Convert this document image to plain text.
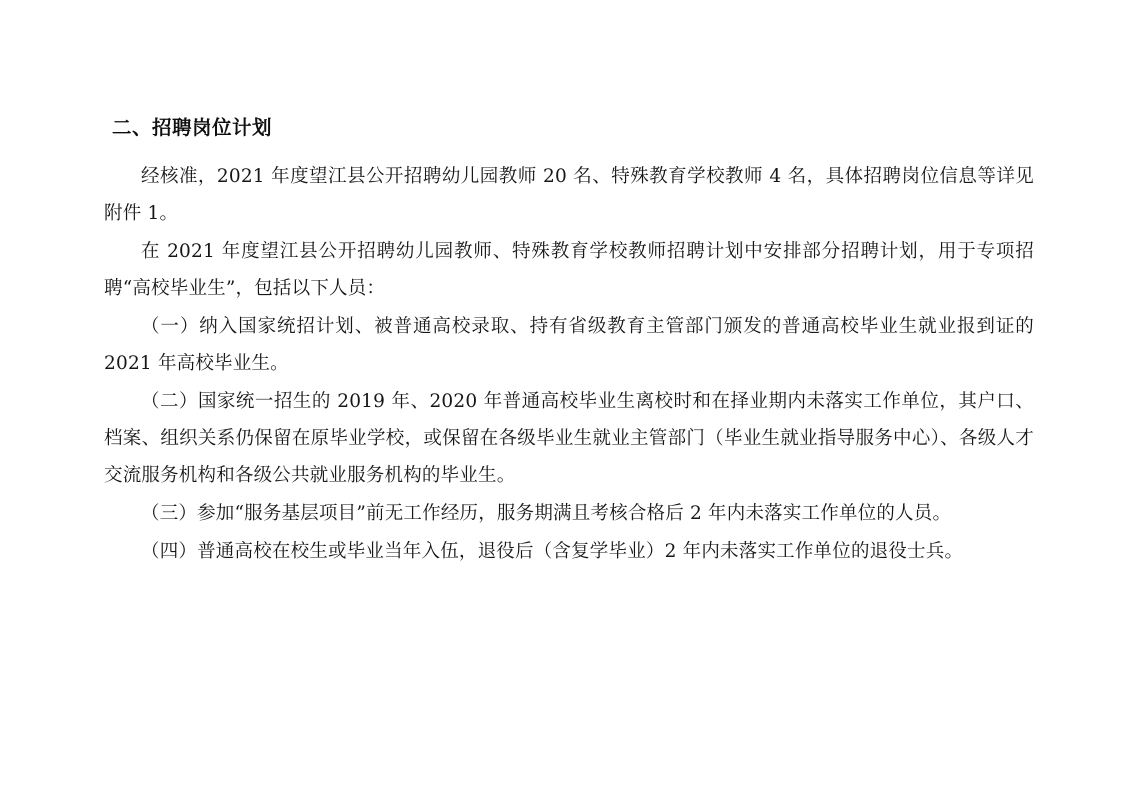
二、招聘岗位计划

经核准，2021 年度望江县公开招聘幼儿园教师 20 名、特殊教育学校教师 4 名，具体招聘岗位信息等详见附件 1。

在 2021 年度望江县公开招聘幼儿园教师、特殊教育学校教师招聘计划中安排部分招聘计划，用于专项招聘“高校毕业生”，包括以下人员：

（一）纳入国家统招计划、被普通高校录取、持有省级教育主管部门颁发的普通高校毕业生就业报到证的 2021 年高校毕业生。

（二）国家统一招生的 2019 年、2020 年普通高校毕业生离校时和在择业期内未落实工作单位，其户口、档案、组织关系仍保留在原毕业学校，或保留在各级毕业生就业主管部门（毕业生就业指导服务中心）、各级人才交流服务机构和各级公共就业服务机构的毕业生。

（三）参加“服务基层项目”前无工作经历，服务期满且考核合格后 2 年内未落实工作单位的人员。

（四）普通高校在校生或毕业当年入伍，退役后（含复学毕业）2 年内未落实工作单位的退役士兵。
